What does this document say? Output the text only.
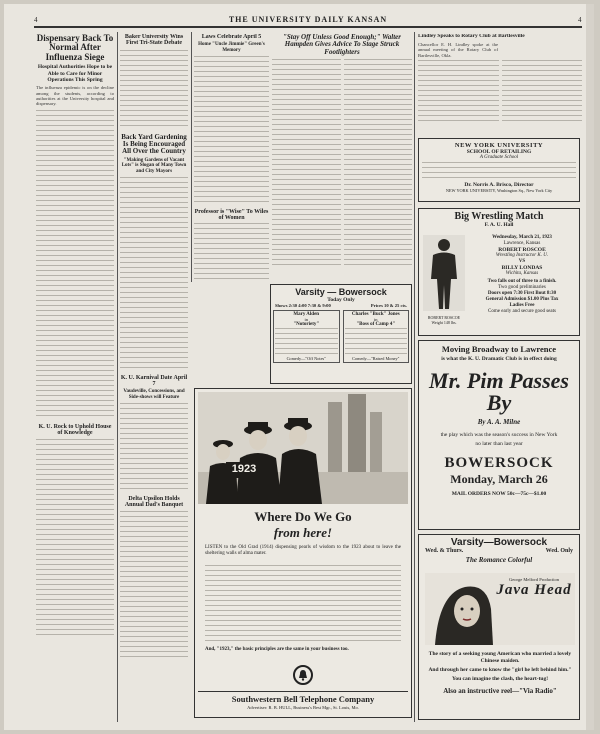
4	THE UNIVERSITY DAILY KANSAN	4
Dispensary Back To Normal After Influenza Siege
Hospital Authorities Hope to be Able to Care for Minor Operations This Spring
The influenza epidemic is on the decline among the students, according to authorities at the University hospital and dispensary.
K. U. Rock to Uphold House of Knowledge
Baker University Wins First Tri-State Debate
Back Yard Gardening Is Being Encouraged All Over the Country
"Making Gardens of Vacant Lots" is Slogan of Many Town and City Mayors
K. U. Karnival Date April 7
Vaudeville, Concessions, and Side-shows will Feature
Delta Upsilon Holds Annual Dad's Banquet
Laws Celebrate April 5
Home "Uncle Jimmie" Green's Memory
Professor is "Wise" To Wiles of Women
"Stay Off Unless Good Enough;" Walter Hampden Gives Advice To Stage Struck Footlighters
Varsity — Bowersock
Today Only
Shows 2:30 4:00 7:30 & 9:00	Prices 10 & 25 cts.
Mary Alden
in
"Notoriety"
Comedy—"Off Notes"
Charles "Buck" Jones
in
"Boss of Camp 4"
Comedy—"Raised Money"
1923
Where Do We Go
from here!
LISTEN to the Old Grad (1914) dispensing pearls of wisdom to the 1923 about to leave the sheltering walls of alma mater.
And, "1923," the basic principles are the same in your business too.
Southwestern Bell Telephone Company
Advertiser: R. B. HULL, Business's Best Mgr., St. Louis, Mo.
Lindley Speaks to Rotary Club at Bartlesville
Chancellor E. H. Lindley spoke at the annual meeting of the Rotary Club of Bartlesville, Okla.
NEW YORK UNIVERSITY
SCHOOL OF RETAILING
A Graduate School
Dr. Norris A. Brisco, Director
NEW YORK UNIVERSITY, Washington Sq., New York City
Big Wrestling Match
F. A. U. Hall
ROBERT ROSCOE Weight 148 lbs.
Wednesday, March 21, 1923
Lawrence, Kansas
ROBERT ROSCOE
Wrestling Instructor K. U.
VS
BILLY LONDAS
Wichita, Kansas
Two falls out of three to a finish.
Two good preliminaries
Doors open 7:30 First Bout 8:30
General Admission $1.00 Plus Tax
Ladies Free
Come early and secure good seats
Moving Broadway to Lawrence
is what the K. U. Dramatic Club is in effect doing
Mr. Pim Passes By
By A. A. Milne
the play which was the season's success in New York
no later than last year
BOWERSOCK
Monday, March 26
MAIL ORDERS NOW 50c—75c—$1.00
Varsity—Bowersock
Wed. & Thurs.	Wed. Only
The Romance Colorful
George Melford Production
Java Head
The story of a seeking young American who married a lovely Chinese maiden.
And through her came to know the "girl he left behind him."
You can imagine the clash, the heart-tug!
Also an instructive reel—"Via Radio"
